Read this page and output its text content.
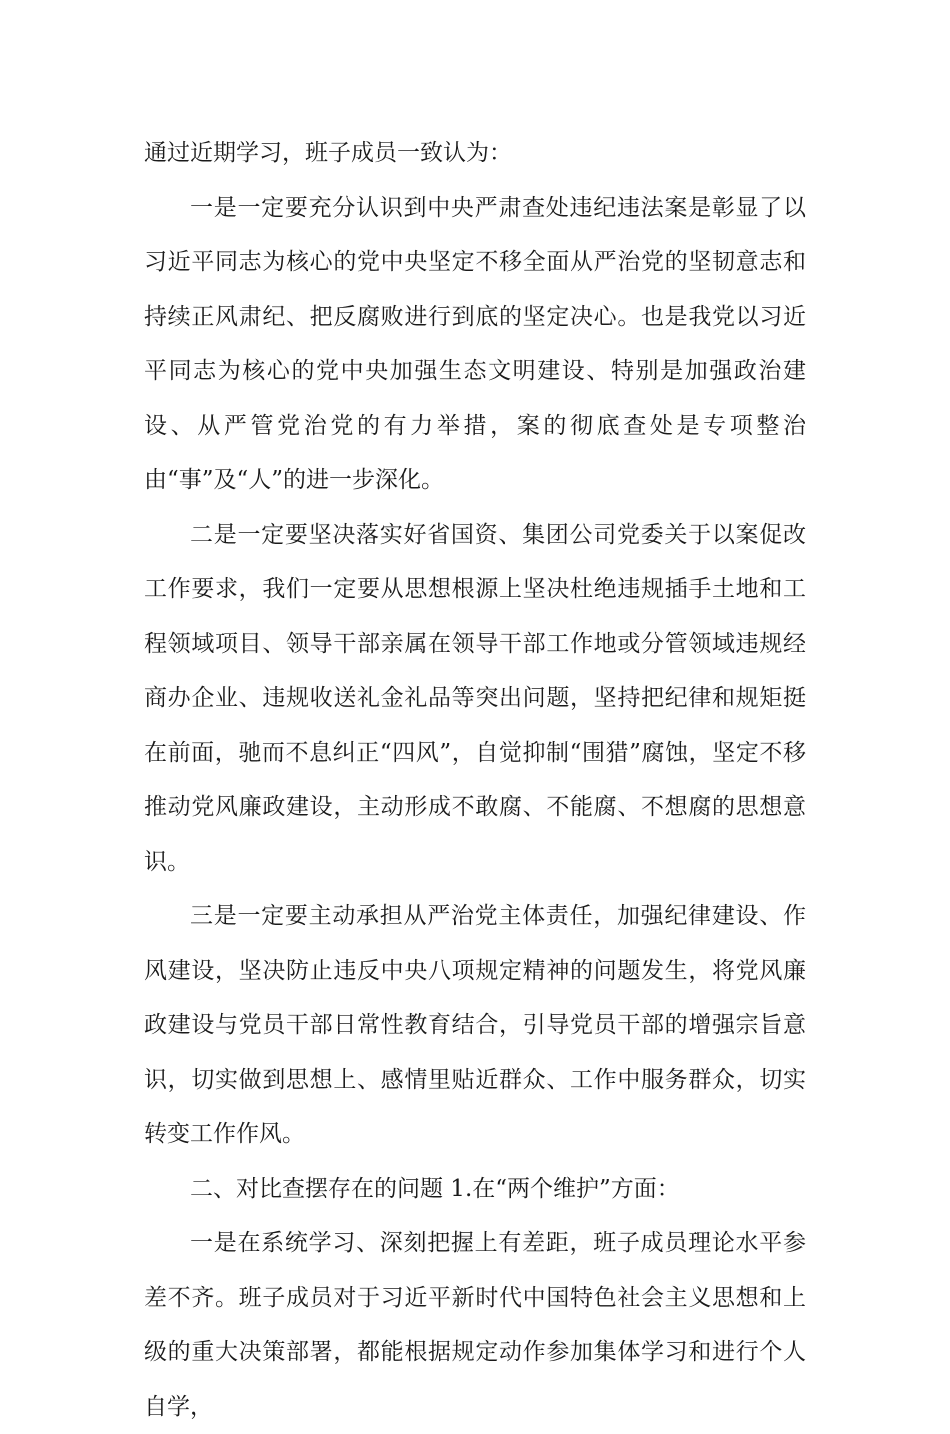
通过近期学习，班子成员一致认为：

一是一定要充分认识到中央严肃查处违纪违法案是彰显了以习近平同志为核心的党中央坚定不移全面从严治党的坚韧意志和持续正风肃纪、把反腐败进行到底的坚定决心。也是我党以习近平同志为核心的党中央加强生态文明建设、特别是加强政治建设、从严管党治党的有力举措，案的彻底查处是专项整治由“事”及“人”的进一步深化。

二是一定要坚决落实好省国资、集团公司党委关于以案促改工作要求，我们一定要从思想根源上坚决杜绝违规插手土地和工程领域项目、领导干部亲属在领导干部工作地或分管领域违规经商办企业、违规收送礼金礼品等突出问题，坚持把纪律和规矩挺在前面，驰而不息纠正“四风”，自觉抑制“围猎”腐蚀，坚定不移推动党风廉政建设，主动形成不敢腐、不能腐、不想腐的思想意识。

三是一定要主动承担从严治党主体责任，加强纪律建设、作风建设，坚决防止违反中央八项规定精神的问题发生，将党风廉政建设与党员干部日常性教育结合，引导党员干部的增强宗旨意识，切实做到思想上、感情里贴近群众、工作中服务群众，切实转变工作作风。

二、对比查摆存在的问题 1.在“两个维护”方面：

一是在系统学习、深刻把握上有差距，班子成员理论水平参差不齐。班子成员对于习近平新时代中国特色社会主义思想和上级的重大决策部署，都能根据规定动作参加集体学习和进行个人自学，
